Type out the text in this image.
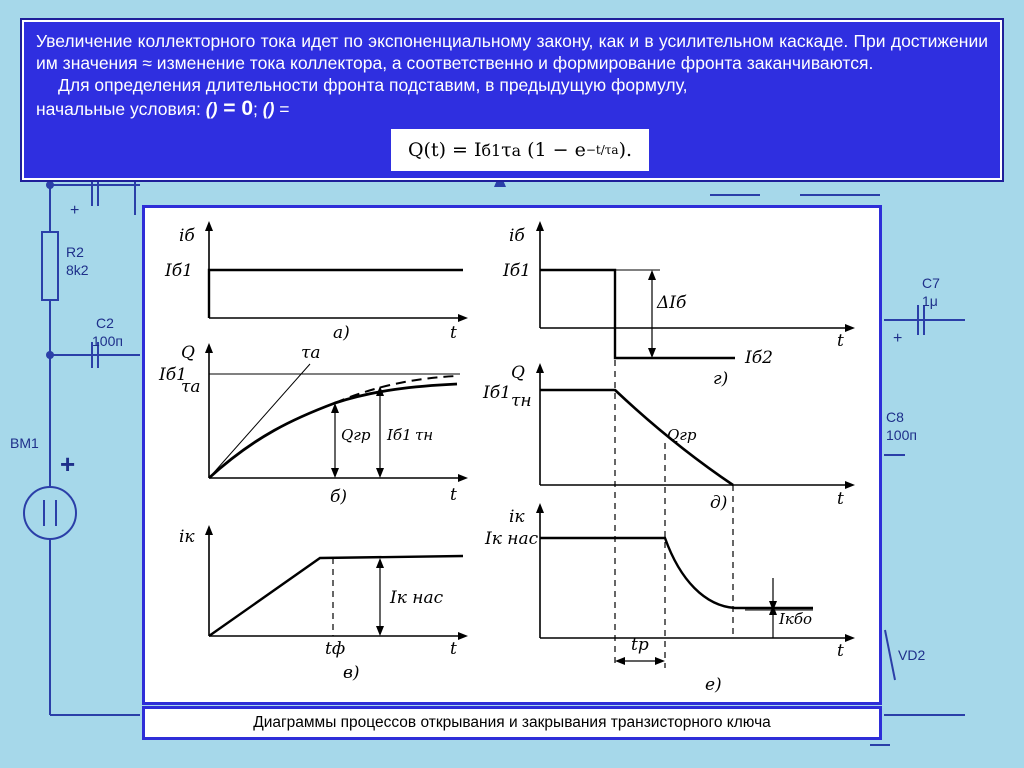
R2
8k2
C2
100п
BM1
+
+
C7
1μ
+
C8
100п
VD2

Увеличение коллекторного тока идет по экспоненциальному закону, как и в усилительном каскаде. При достижении им значения ≈ изменение тока коллектора, а соответственно и формирование фронта заканчиваются.

Для определения длительности фронта подставим, в предыдущую формулу,

начальные условия: () = 0; () =
Q(t) = I б1 τ a
(1 − e −t/τa ).
iб
Iб1
t
а)
Q
Iб1
τa
τa
Qгр Iб1 τн
t
б)
iк
Iк нас
tф	t
в)
iб
Iб1
ΔIб
Iб2
t
г)
Q
Iб1 τн
Qгр
t
д)
iк
Iк нас
Iкбо
tр	t
е)
Диаграммы процессов открывания и закрывания транзисторного ключа
